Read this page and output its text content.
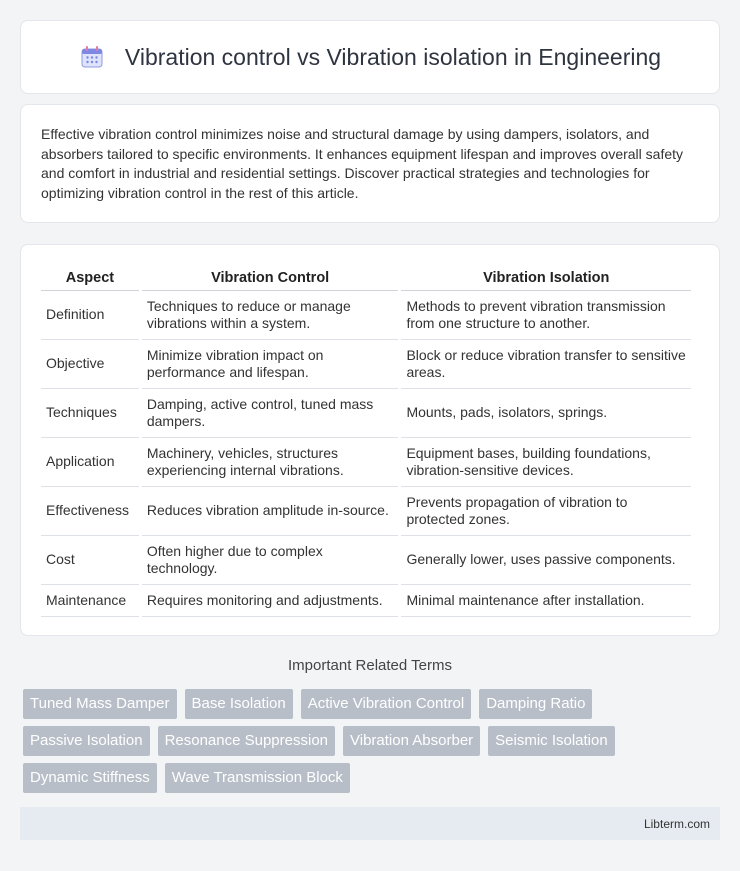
Vibration control vs Vibration isolation in Engineering

Effective vibration control minimizes noise and structural damage by using dampers, isolators, and absorbers tailored to specific environments. It enhances equipment lifespan and improves overall safety and comfort in industrial and residential settings. Discover practical strategies and technologies for optimizing vibration control in the rest of this article.

Aspect	Vibration Control	Vibration Isolation
Definition	Techniques to reduce or manage vibrations within a system.	Methods to prevent vibration transmission from one structure to another.
Objective	Minimize vibration impact on performance and lifespan.	Block or reduce vibration transfer to sensitive areas.
Techniques	Damping, active control, tuned mass dampers.	Mounts, pads, isolators, springs.
Application	Machinery, vehicles, structures experiencing internal vibrations.	Equipment bases, building foundations, vibration-sensitive devices.
Effectiveness	Reduces vibration amplitude in-source.	Prevents propagation of vibration to protected zones.
Cost	Often higher due to complex technology.	Generally lower, uses passive components.
Maintenance	Requires monitoring and adjustments.	Minimal maintenance after installation.
Important Related Terms
Tuned Mass Damper	Base Isolation	Active Vibration Control	Damping Ratio
Passive Isolation	Resonance Suppression	Vibration Absorber	Seismic Isolation
Dynamic Stiffness	Wave Transmission Block
Libterm.com
